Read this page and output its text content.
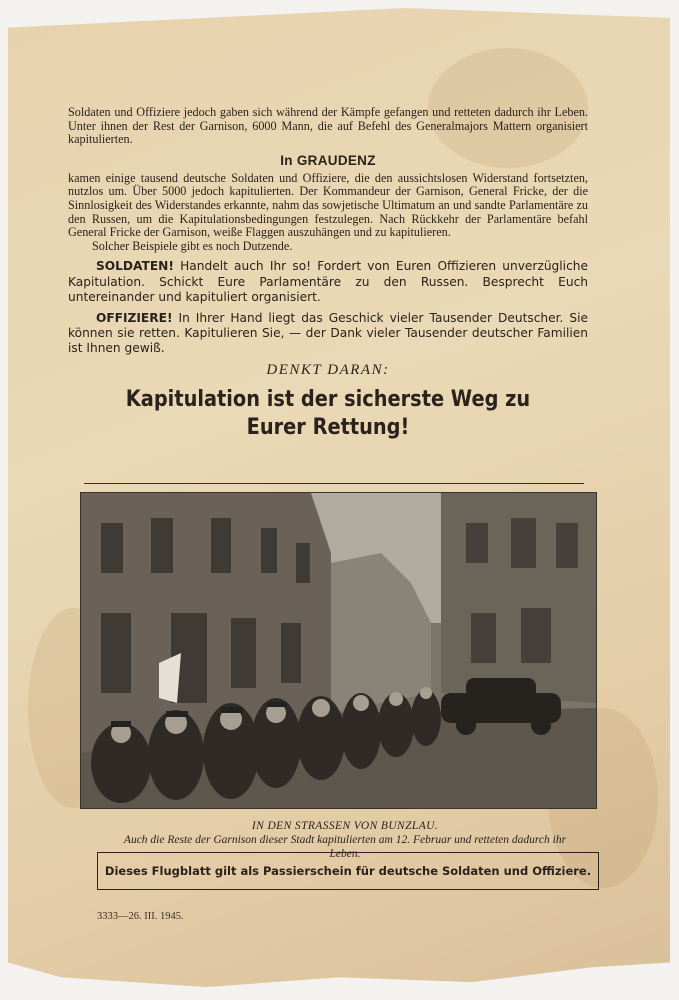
Soldaten und Offiziere jedoch gaben sich während der Kämpfe gefangen und retteten dadurch ihr Leben. Unter ihnen der Rest der Garnison, 6000 Mann, die auf Befehl des Generalmajors Mattern organisiert kapitulierten.

In GRAUDENZ

kamen einige tausend deutsche Soldaten und Offiziere, die den aussichtslosen Widerstand fortsetzten, nutzlos um. Über 5000 jedoch kapitulierten. Der Kommandeur der Garnison, General Fricke, der die Sinnlosigkeit des Widerstandes erkannte, nahm das sowjetische Ultimatum an und sandte Parlamentäre zu den Russen, um die Kapitulationsbedingungen festzulegen. Nach Rückkehr der Parlamentäre befahl General Fricke der Garnison, weiße Flaggen auszuhängen und zu kapitulieren.

Solcher Beispiele gibt es noch Dutzende.

SOLDATEN! Handelt auch Ihr so! Fordert von Euren Offizieren unverzügliche Kapitulation. Schickt Eure Parlamentäre zu den Russen. Besprecht Euch untereinander und kapituliert organisiert.

OFFIZIERE! In Ihrer Hand liegt das Geschick vieler Tausender Deutscher. Sie können sie retten. Kapitulieren Sie, — der Dank vieler Tausender deutscher Familien ist Ihnen gewiß.

DENKT DARAN:

Kapitulation ist der sicherste Weg zu
Eurer Rettung!

IN DEN STRASSEN VON BUNZLAU.
Auch die Reste der Garnison dieser Stadt kapitulierten am 12. Februar und retteten dadurch ihr Leben.
Dieses Flugblatt gilt als Passierschein für deutsche Soldaten und Offiziere.
3333—26. III. 1945.
